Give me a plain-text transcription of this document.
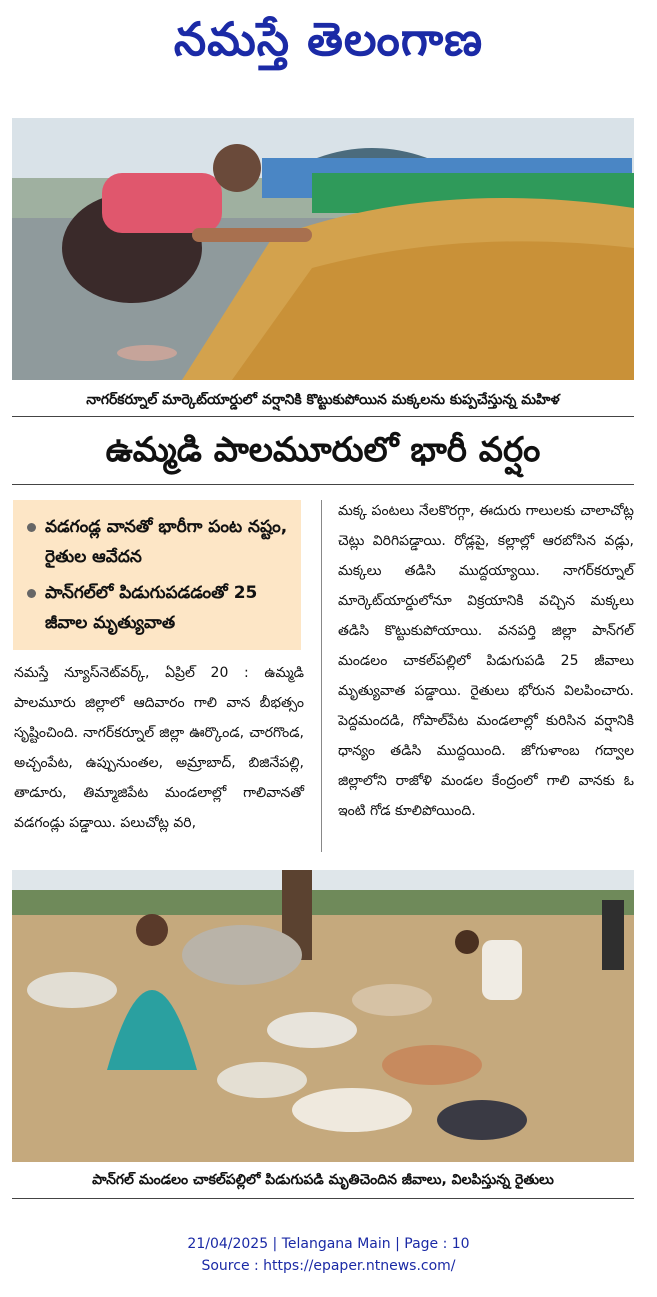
నమస్తే తెలంగాణ
నాగర్‌కర్నూల్ మార్కెట్‌యార్డులో వర్షానికి కొట్టుకుపోయిన మక్కలను కుప్పచేస్తున్న మహిళ
ఉమ్మడి పాలమూరులో భారీ వర్షం
వడగండ్ల వానతో భారీగా పంట నష్టం, రైతుల ఆవేదన
పాన్‌గల్‌లో పిడుగుపడడంతో 25 జీవాల మృత్యువాత
నమస్తే న్యూస్‌నెట్‌వర్క్, ఏప్రిల్ 20 : ఉమ్మడి పాలమూరు జిల్లాలో ఆదివారం గాలి వాన బీభత్సం సృష్టించింది. నాగర్‌కర్నూల్ జిల్లా ఊర్కొండ, చారగొండ, అచ్చంపేట, ఉప్పునుంతల, అమ్రాబాద్, బిజినేపల్లి, తాడూరు, తిమ్మాజిపేట మండలాల్లో గాలివానతో వడగండ్లు పడ్డాయి. పలుచోట్ల వరి,
మక్క పంటలు నేలకొరగ్గా, ఈదురు గాలులకు చాలాచోట్ల చెట్లు విరిగిపడ్డాయి. రోడ్లపై, కల్లాల్లో ఆరబోసిన వడ్లు, మక్కలు తడిసి ముద్దయ్యాయి. నాగర్‌కర్నూల్ మార్కెట్‌యార్డులోనూ విక్రయానికి వచ్చిన మక్కలు తడిసి కొట్టుకుపోయాయి. వనపర్తి జిల్లా పాన్‌గల్ మండలం చాకల్‌పల్లిలో పిడుగుపడి 25 జీవాలు మృత్యువాత పడ్డాయి. రైతులు భోరున విలపించారు. పెద్దమందడి, గోపాల్‌పేట మండలాల్లో కురిసిన వర్షానికి ధాన్యం తడిసి ముద్దయింది. జోగుళాంబ గద్వాల జిల్లాలోని రాజోళి మండల కేంద్రంలో గాలి వానకు ఓ ఇంటి గోడ కూలిపోయింది.
పాన్‌గల్ మండలం చాకల్‌పల్లిలో పిడుగుపడి మృతిచెందిన జీవాలు, విలపిస్తున్న రైతులు
21/04/2025 | Telangana Main | Page : 10
Source : https://epaper.ntnews.com/
